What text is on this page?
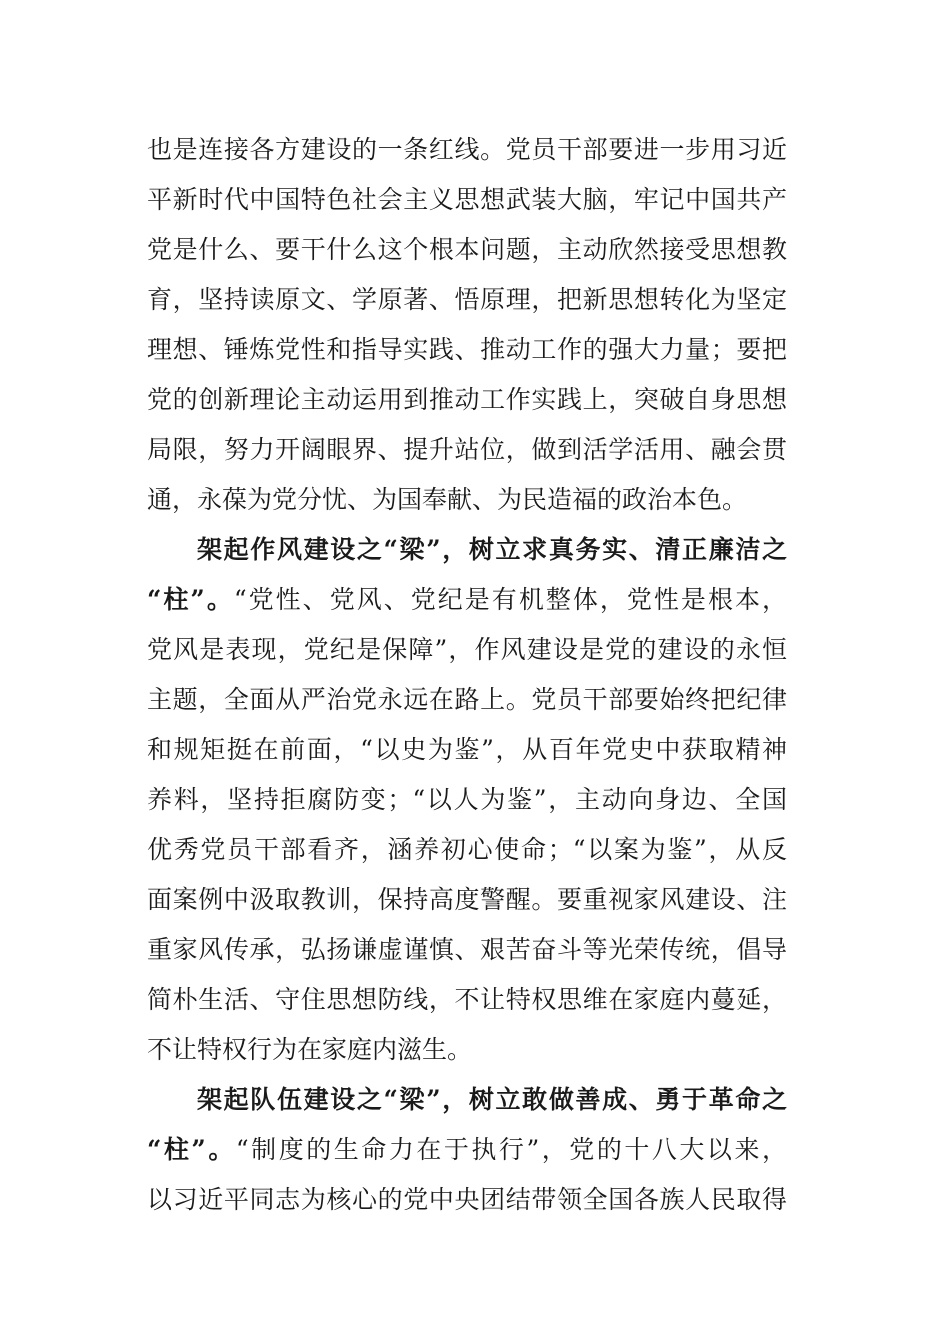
也是连接各方建设的一条红线。党员干部要进一步用习近
平新时代中国特色社会主义思想武装大脑，牢记中国共产
党是什么、要干什么这个根本问题，主动欣然接受思想教
育，坚持读原文、学原著、悟原理，把新思想转化为坚定
理想、锤炼党性和指导实践、推动工作的强大力量；要把
党的创新理论主动运用到推动工作实践上，突破自身思想
局限，努力开阔眼界、提升站位，做到活学活用、融会贯
通，永葆为党分忧、为国奉献、为民造福的政治本色。
架起作风建设之“梁”，树立求真务实、清正廉洁之
“柱”。“党性、党风、党纪是有机整体，党性是根本，
党风是表现，党纪是保障”，作风建设是党的建设的永恒
主题，全面从严治党永远在路上。党员干部要始终把纪律
和规矩挺在前面，“以史为鉴”，从百年党史中获取精神
养料，坚持拒腐防变；“以人为鉴”，主动向身边、全国
优秀党员干部看齐，涵养初心使命；“以案为鉴”，从反
面案例中汲取教训，保持高度警醒。要重视家风建设、注
重家风传承，弘扬谦虚谨慎、艰苦奋斗等光荣传统，倡导
简朴生活、守住思想防线，不让特权思维在家庭内蔓延，
不让特权行为在家庭内滋生。
架起队伍建设之“梁”，树立敢做善成、勇于革命之
“柱”。“制度的生命力在于执行”，党的十八大以来，
以习近平同志为核心的党中央团结带领全国各族人民取得
